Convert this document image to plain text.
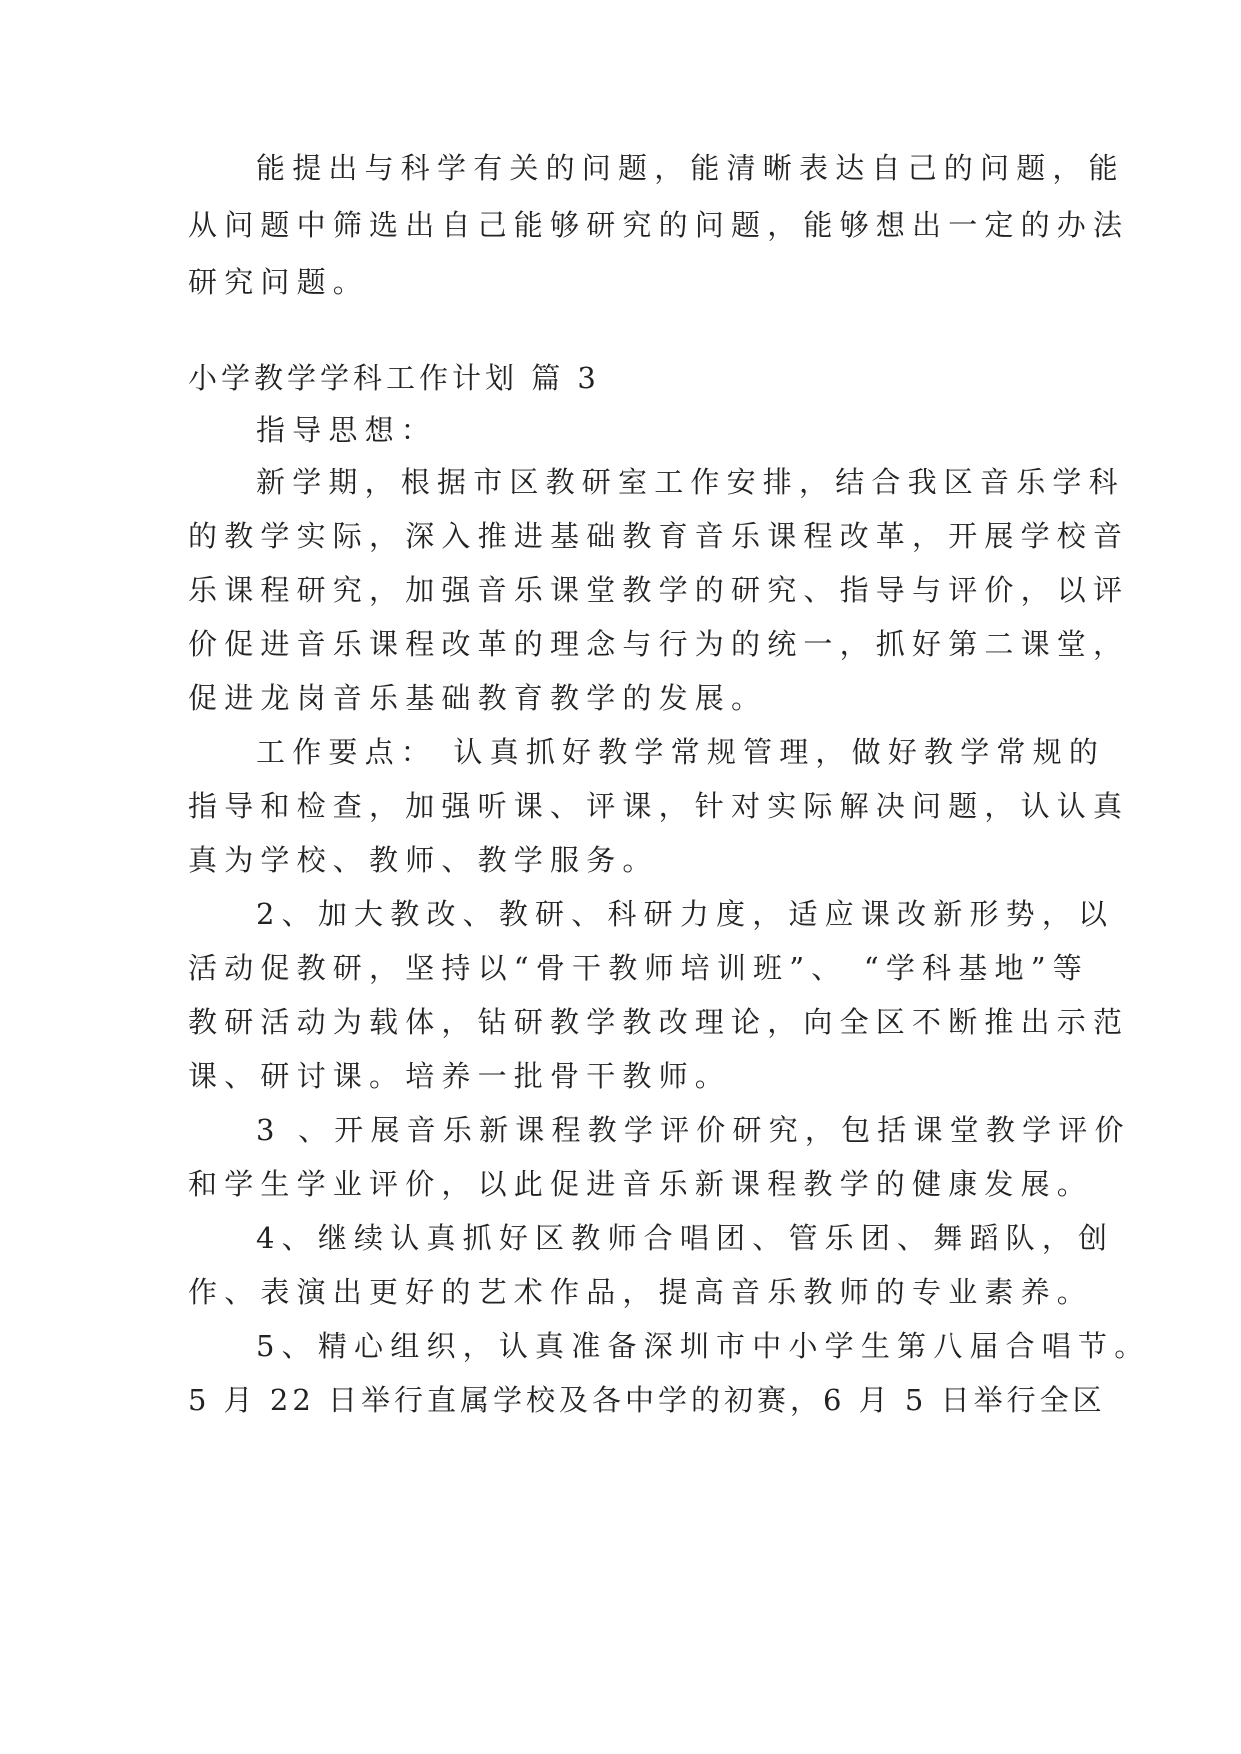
能提出与科学有关的问题，能清晰表达自己的问题，能
从问题中筛选出自己能够研究的问题，能够想出一定的办法
研究问题。
小学教学学科工作计划 篇 3
指导思想：
新学期，根据市区教研室工作安排，结合我区音乐学科
的教学实际，深入推进基础教育音乐课程改革，开展学校音
乐课程研究，加强音乐课堂教学的研究、指导与评价，以评
价促进音乐课程改革的理念与行为的统一，抓好第二课堂，
促进龙岗音乐基础教育教学的发展。
工作要点： 认真抓好教学常规管理，做好教学常规的
指导和检查，加强听课、评课，针对实际解决问题，认认真
真为学校、教师、教学服务。
2、加大教改、教研、科研力度，适应课改新形势，以
活动促教研，坚持以“骨干教师培训班”、 “学科基地”等
教研活动为载体，钻研教学教改理论，向全区不断推出示范
课、研讨课。培养一批骨干教师。
3 、开展音乐新课程教学评价研究，包括课堂教学评价
和学生学业评价，以此促进音乐新课程教学的健康发展。
4、继续认真抓好区教师合唱团、管乐团、舞蹈队，创
作、表演出更好的艺术作品，提高音乐教师的专业素养。
5、精心组织，认真准备深圳市中小学生第八届合唱节。
5 月 22 日举行直属学校及各中学的初赛，6 月 5 日举行全区
